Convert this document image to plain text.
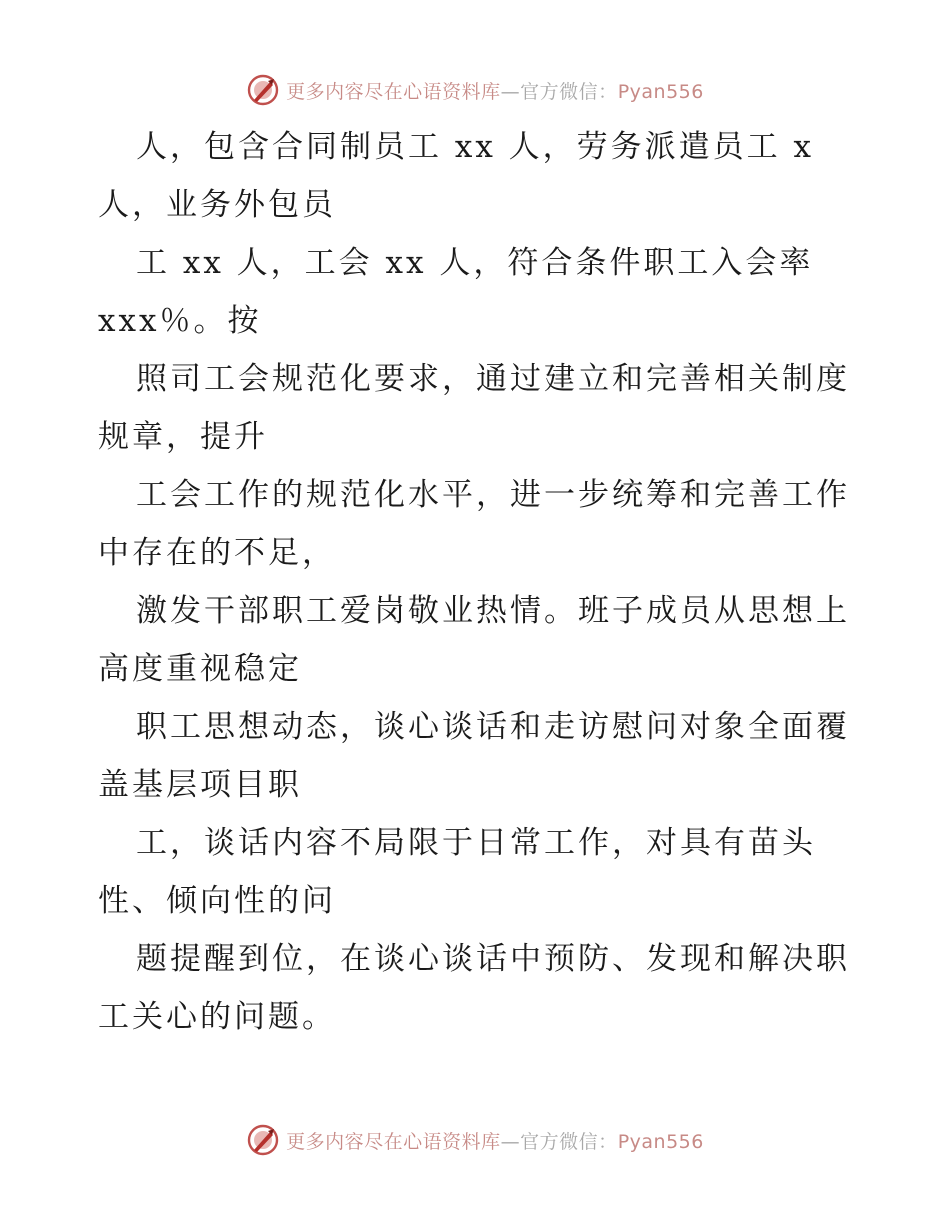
更多内容尽在心语资料库—官方微信：Pyan556

人，包含合同制员工 xx 人，劳务派遣员工 x
人，业务外包员

工 xx 人，工会 xx 人，符合条件职工入会率
xxx％。按

照司工会规范化要求，通过建立和完善相关制度
规章，提升

工会工作的规范化水平，进一步统筹和完善工作
中存在的不足，

激发干部职工爱岗敬业热情。班子成员从思想上
高度重视稳定

职工思想动态，谈心谈话和走访慰问对象全面覆
盖基层项目职

工，谈话内容不局限于日常工作，对具有苗头
性、倾向性的问

题提醒到位，在谈心谈话中预防、发现和解决职
工关心的问题。

更多内容尽在心语资料库—官方微信：Pyan556
